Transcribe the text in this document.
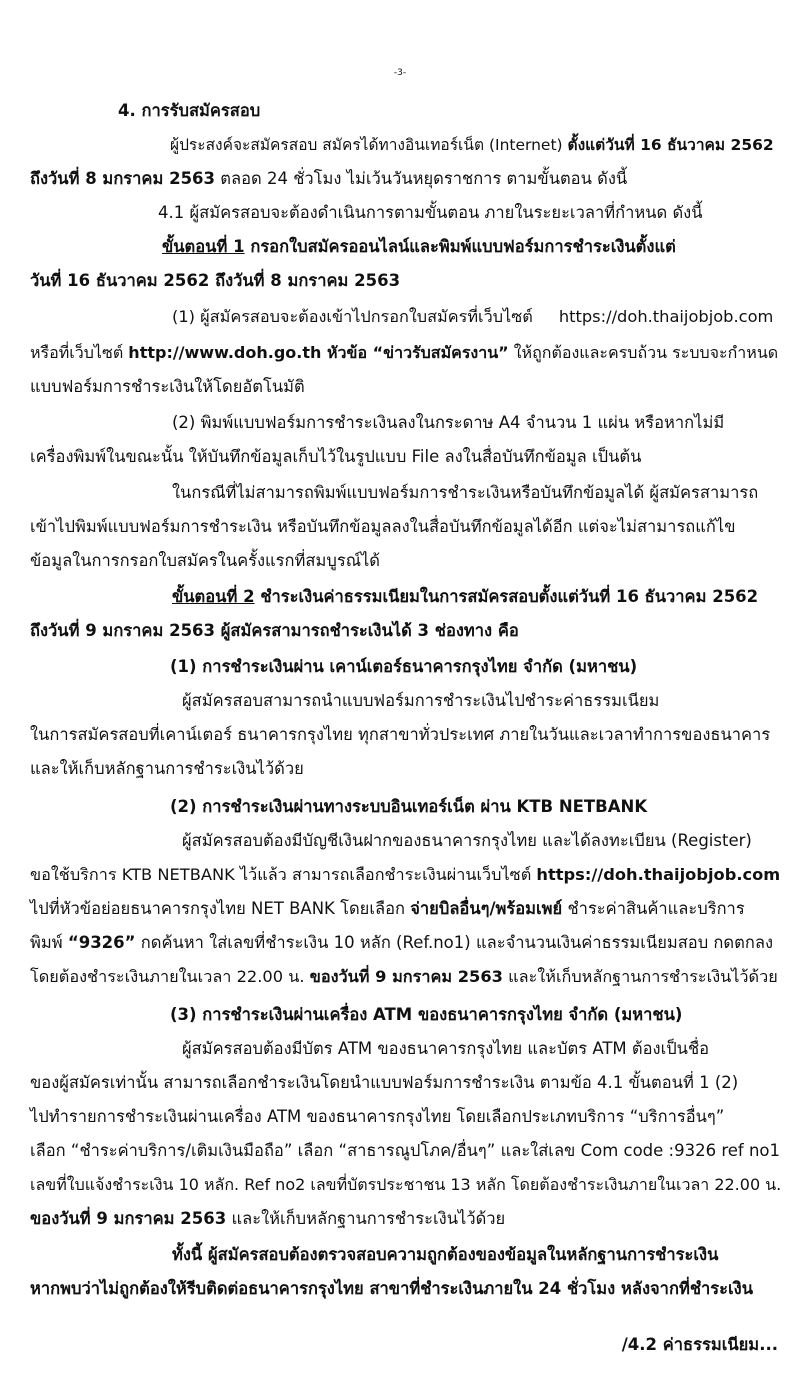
-3-
4. การรับสมัครสอบ
ผู้ประสงค์จะสมัครสอบ สมัครได้ทางอินเทอร์เน็ต (Internet) ตั้งแต่วันที่ 16 ธันวาคม 2562
ถึงวันที่ 8 มกราคม 2563 ตลอด 24 ชั่วโมง ไม่เว้นวันหยุดราชการ ตามขั้นตอน ดังนี้
4.1 ผู้สมัครสอบจะต้องดำเนินการตามขั้นตอน ภายในระยะเวลาที่กำหนด ดังนี้
ขั้นตอนที่ 1 กรอกใบสมัครออนไลน์และพิมพ์แบบฟอร์มการชำระเงินตั้งแต่
วันที่ 16 ธันวาคม 2562 ถึงวันที่ 8 มกราคม 2563
(1) ผู้สมัครสอบจะต้องเข้าไปกรอกใบสมัครที่เว็บไซต์ https://doh.thaijobjob.com
หรือที่เว็บไซต์ http://www.doh.go.th หัวข้อ “ข่าวรับสมัครงาน” ให้ถูกต้องและครบถ้วน ระบบจะกำหนด
แบบฟอร์มการชำระเงินให้โดยอัตโนมัติ
(2) พิมพ์แบบฟอร์มการชำระเงินลงในกระดาษ A4 จำนวน 1 แผ่น หรือหากไม่มี
เครื่องพิมพ์ในขณะนั้น ให้บันทึกข้อมูลเก็บไว้ในรูปแบบ File ลงในสื่อบันทึกข้อมูล เป็นต้น
ในกรณีที่ไม่สามารถพิมพ์แบบฟอร์มการชำระเงินหรือบันทึกข้อมูลได้ ผู้สมัครสามารถ
เข้าไปพิมพ์แบบฟอร์มการชำระเงิน หรือบันทึกข้อมูลลงในสื่อบันทึกข้อมูลได้อีก แต่จะไม่สามารถแก้ไข
ข้อมูลในการกรอกใบสมัครในครั้งแรกที่สมบูรณ์ได้
ขั้นตอนที่ 2 ชำระเงินค่าธรรมเนียมในการสมัครสอบตั้งแต่วันที่ 16 ธันวาคม 2562
ถึงวันที่ 9 มกราคม 2563 ผู้สมัครสามารถชำระเงินได้ 3 ช่องทาง คือ
(1) การชำระเงินผ่าน เคาน์เตอร์ธนาคารกรุงไทย จำกัด (มหาชน)
ผู้สมัครสอบสามารถนำแบบฟอร์มการชำระเงินไปชำระค่าธรรมเนียม
ในการสมัครสอบที่เคาน์เตอร์ ธนาคารกรุงไทย ทุกสาขาทั่วประเทศ ภายในวันและเวลาทำการของธนาคาร
และให้เก็บหลักฐานการชำระเงินไว้ด้วย
(2) การชำระเงินผ่านทางระบบอินเทอร์เน็ต ผ่าน KTB NETBANK
ผู้สมัครสอบต้องมีบัญชีเงินฝากของธนาคารกรุงไทย และได้ลงทะเบียน (Register)
ขอใช้บริการ KTB NETBANK ไว้แล้ว สามารถเลือกชำระเงินผ่านเว็บไซต์ https://doh.thaijobjob.com
ไปที่หัวข้อย่อยธนาคารกรุงไทย NET BANK โดยเลือก จ่ายบิลอื่นๆ/พร้อมเพย์ ชำระค่าสินค้าและบริการ
พิมพ์ “9326” กดค้นหา ใส่เลขที่ชำระเงิน 10 หลัก (Ref.no1) และจำนวนเงินค่าธรรมเนียมสอบ กดตกลง
โดยต้องชำระเงินภายในเวลา 22.00 น. ของวันที่ 9 มกราคม 2563 และให้เก็บหลักฐานการชำระเงินไว้ด้วย
(3) การชำระเงินผ่านเครื่อง ATM ของธนาคารกรุงไทย จำกัด (มหาชน)
ผู้สมัครสอบต้องมีบัตร ATM ของธนาคารกรุงไทย และบัตร ATM ต้องเป็นชื่อ
ของผู้สมัครเท่านั้น สามารถเลือกชำระเงินโดยนำแบบฟอร์มการชำระเงิน ตามข้อ 4.1 ขั้นตอนที่ 1 (2)
ไปทำรายการชำระเงินผ่านเครื่อง ATM ของธนาคารกรุงไทย โดยเลือกประเภทบริการ “บริการอื่นๆ”
เลือก “ชำระค่าบริการ/เติมเงินมือถือ” เลือก “สาธารณูปโภค/อื่นๆ” และใส่เลข Com code :9326 ref no1
เลขที่ใบแจ้งชำระเงิน 10 หลัก. Ref no2 เลขที่บัตรประชาชน 13 หลัก โดยต้องชำระเงินภายในเวลา 22.00 น.
ของวันที่ 9 มกราคม 2563 และให้เก็บหลักฐานการชำระเงินไว้ด้วย
ทั้งนี้ ผู้สมัครสอบต้องตรวจสอบความถูกต้องของข้อมูลในหลักฐานการชำระเงิน
หากพบว่าไม่ถูกต้องให้รีบติดต่อธนาคารกรุงไทย สาขาที่ชำระเงินภายใน 24 ชั่วโมง หลังจากที่ชำระเงิน
/4.2 ค่าธรรมเนียม...
